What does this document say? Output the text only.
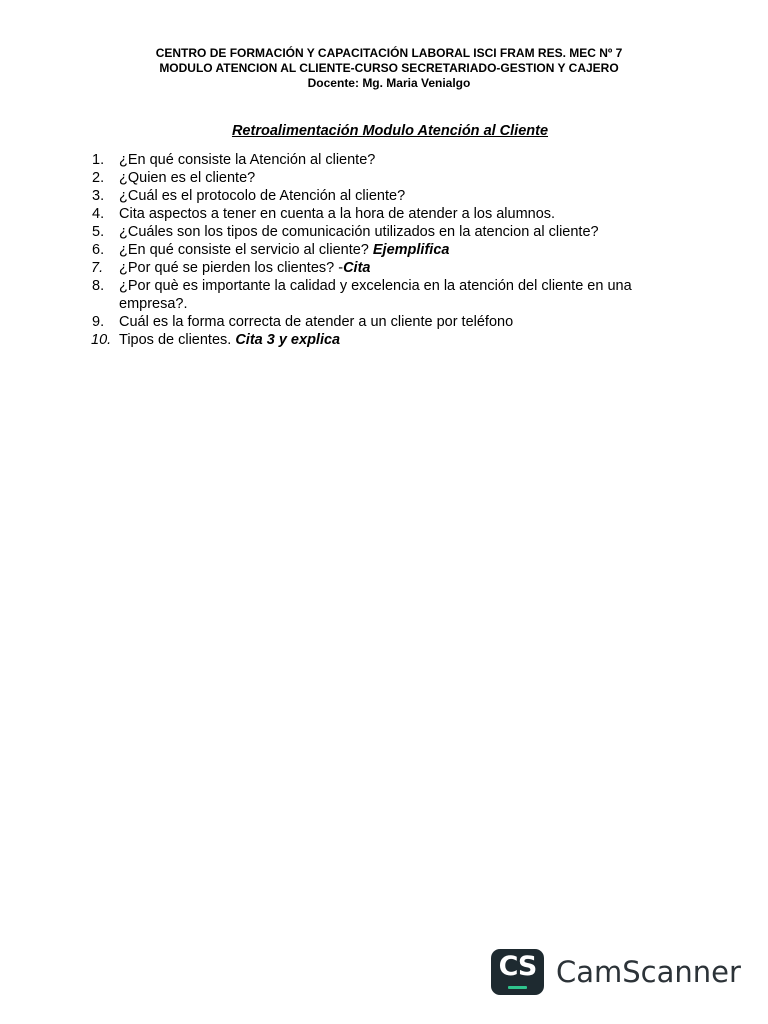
CENTRO DE FORMACIÓN Y CAPACITACIÓN LABORAL ISCI FRAM RES. MEC Nº 7
MODULO ATENCION AL CLIENTE-CURSO SECRETARIADO-GESTION Y CAJERO
Docente: Mg. Maria Venialgo
Retroalimentación Modulo Atención al Cliente
1. ¿En qué consiste la Atención al cliente?
2. ¿Quien es el cliente?
3. ¿Cuál es el protocolo de Atención al cliente?
4. Cita aspectos a tener en cuenta a la hora de atender a los alumnos.
5. ¿Cuáles son los tipos de comunicación utilizados en la atencion al cliente?
6. ¿En qué consiste el servicio al cliente? Ejemplifica
7. ¿Por qué se pierden los clientes? -Cita
8. ¿Por què es importante la calidad y excelencia en la atención del cliente en una empresa?.
9. Cuál es la forma correcta de atender a un cliente por teléfono
10. Tipos de clientes. Cita 3 y explica
CS CamScanner
